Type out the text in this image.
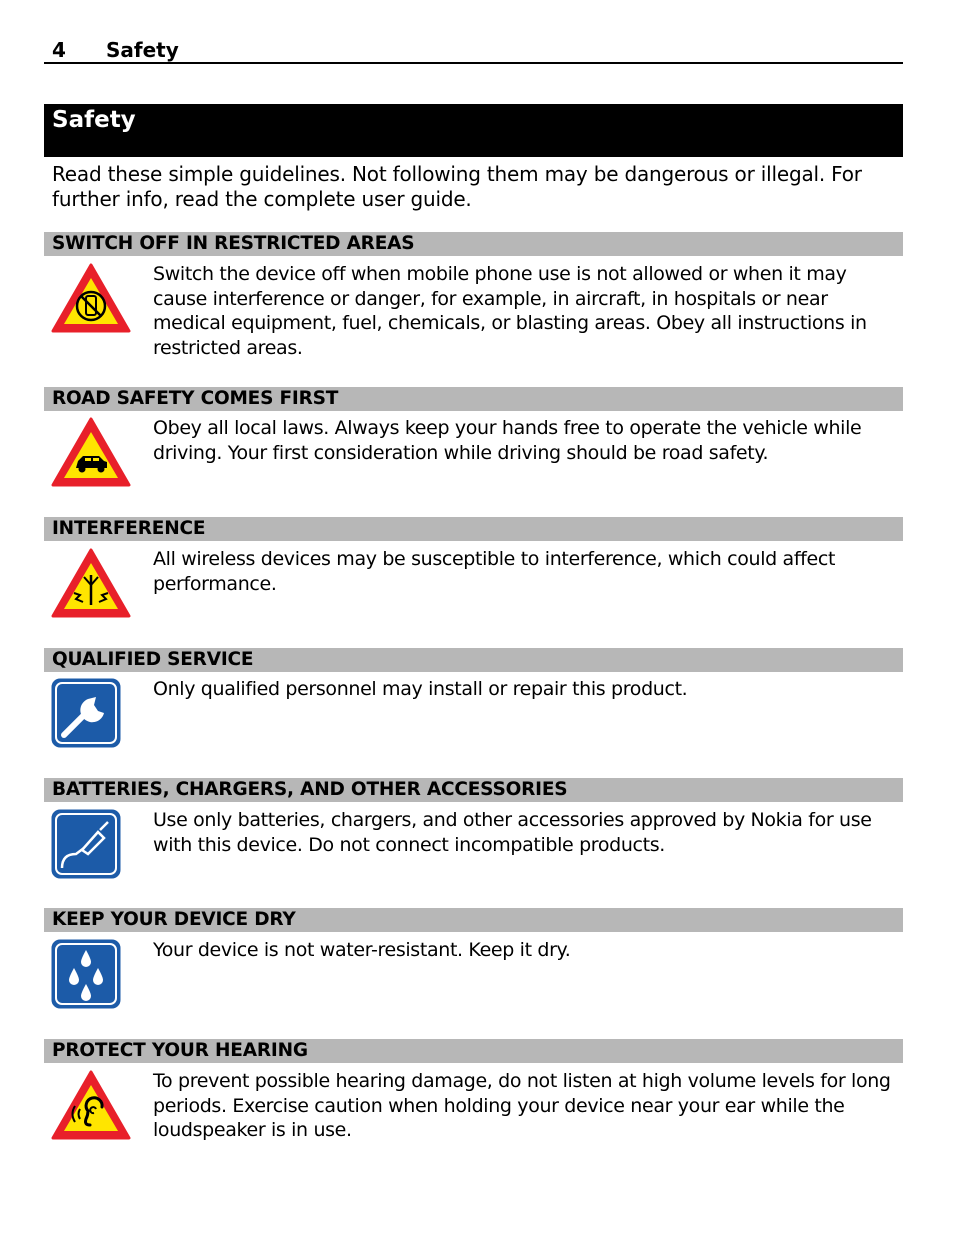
4 Safety
Safety
Read these simple guidelines. Not following them may be dangerous or illegal. For further info, read the complete user guide.
SWITCH OFF IN RESTRICTED AREAS
Switch the device off when mobile phone use is not allowed or when it may cause interference or danger, for example, in aircraft, in hospitals or near medical equipment, fuel, chemicals, or blasting areas. Obey all instructions in restricted areas.
ROAD SAFETY COMES FIRST
Obey all local laws. Always keep your hands free to operate the vehicle while driving. Your first consideration while driving should be road safety.
INTERFERENCE
All wireless devices may be susceptible to interference, which could affect performance.
QUALIFIED SERVICE
Only qualified personnel may install or repair this product.
BATTERIES, CHARGERS, AND OTHER ACCESSORIES
Use only batteries, chargers, and other accessories approved by Nokia for use with this device. Do not connect incompatible products.
KEEP YOUR DEVICE DRY
Your device is not water-resistant. Keep it dry.
PROTECT YOUR HEARING
To prevent possible hearing damage, do not listen at high volume levels for long periods. Exercise caution when holding your device near your ear while the loudspeaker is in use.
